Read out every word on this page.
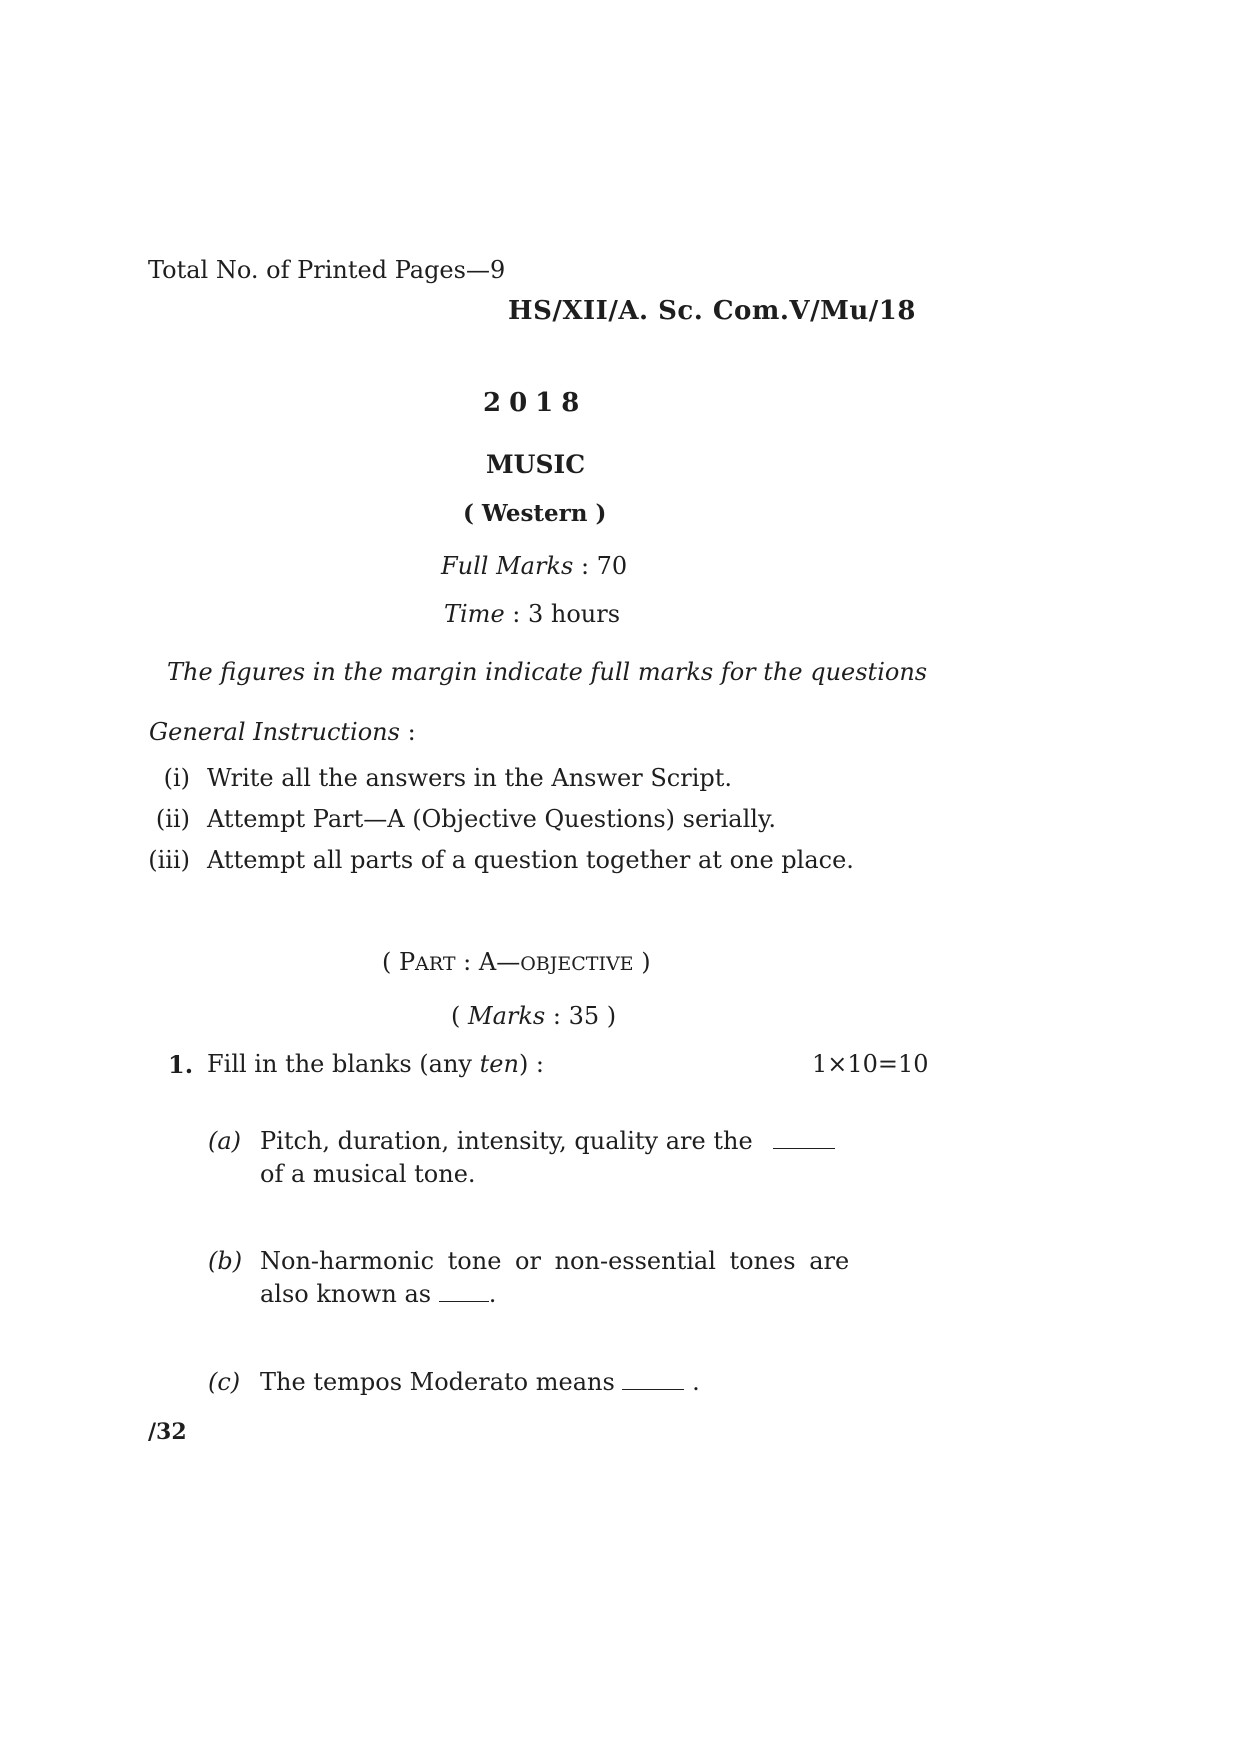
Total No. of Printed Pages—9
HS/XII/A. Sc. Com.V/Mu/18
2018
MUSIC
( Western )
Full Marks : 70
Time : 3 hours
The figures in the margin indicate full marks for the questions
General Instructions :
(i) Write all the answers in the Answer Script.
(ii) Attempt Part—A (Objective Questions) serially.
(iii) Attempt all parts of a question together at one place.
( PART : A—OBJECTIVE )
( Marks : 35 )
1. Fill in the blanks (any ten) :	1×10=10
(a) Pitch, duration, intensity, quality are the
of a musical tone.
(b) Non-harmonic tone or non-essential tones are
also known as .
(c) The tempos Moderato means	.
/32
